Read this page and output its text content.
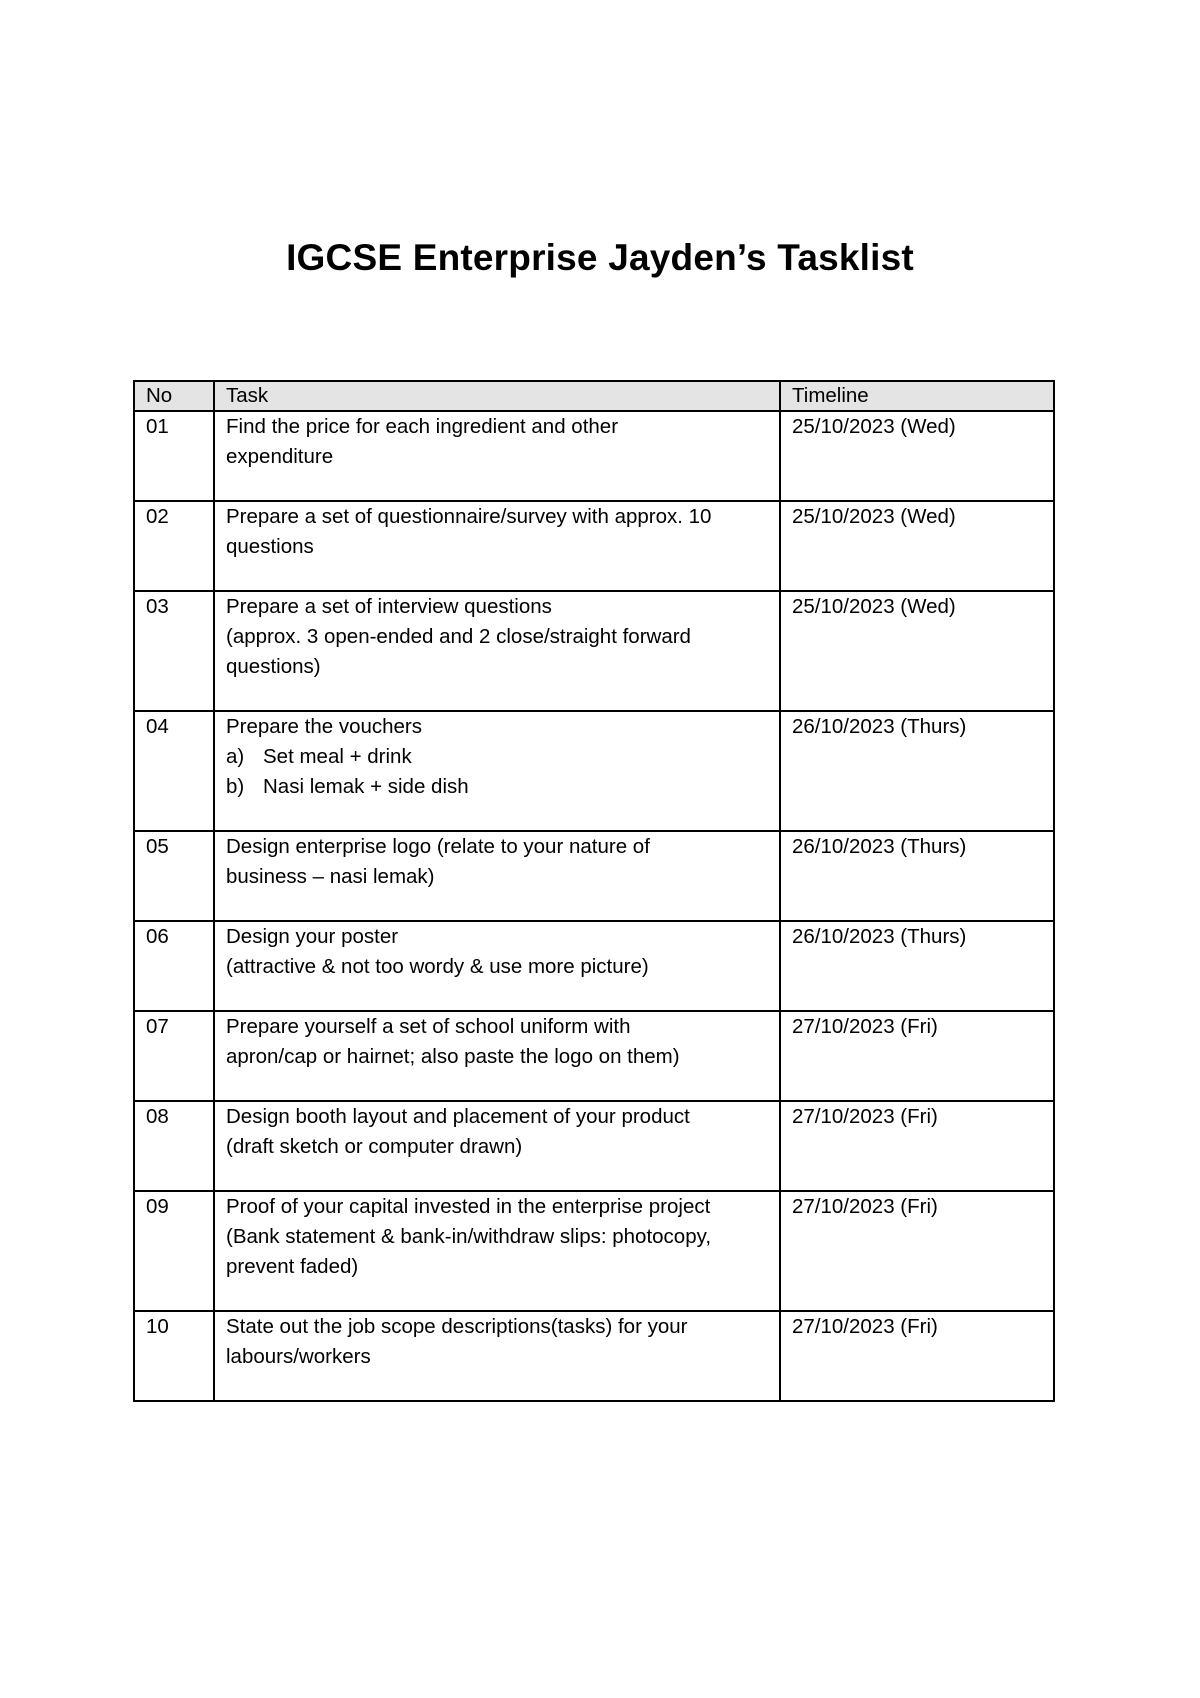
IGCSE Enterprise Jayden’s Tasklist
No	Task	Timeline
01	Find the price for each ingredient and other
expenditure	25/10/2023 (Wed)
02	Prepare a set of questionnaire/survey with approx. 10
questions	25/10/2023 (Wed)
03	Prepare a set of interview questions
(approx. 3 open-ended and 2 close/straight forward
questions)	25/10/2023 (Wed)
04	Prepare the vouchers
a) Set meal + drink
b) Nasi lemak + side dish	26/10/2023 (Thurs)
05	Design enterprise logo (relate to your nature of
business – nasi lemak)	26/10/2023 (Thurs)
06	Design your poster
(attractive & not too wordy & use more picture)	26/10/2023 (Thurs)
07	Prepare yourself a set of school uniform with
apron/cap or hairnet; also paste the logo on them)	27/10/2023 (Fri)
08	Design booth layout and placement of your product
(draft sketch or computer drawn)	27/10/2023 (Fri)
09	Proof of your capital invested in the enterprise project
(Bank statement & bank-in/withdraw slips: photocopy,
prevent faded)	27/10/2023 (Fri)
10	State out the job scope descriptions(tasks) for your
labours/workers	27/10/2023 (Fri)
